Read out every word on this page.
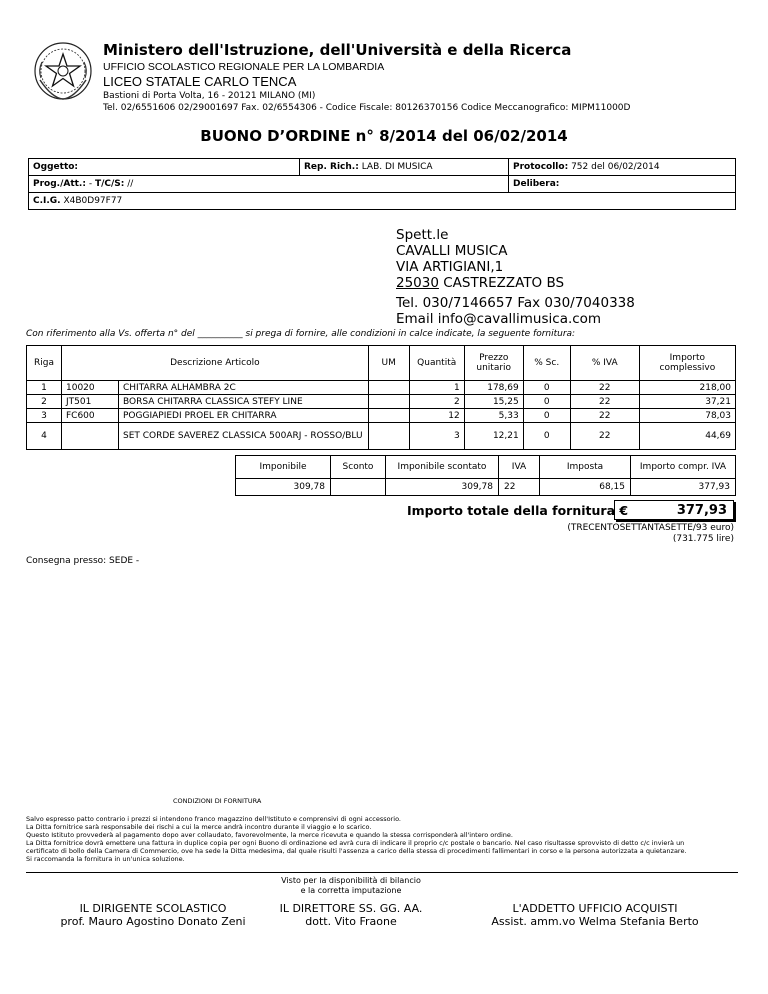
Ministero dell'Istruzione, dell'Università e della Ricerca
UFFICIO SCOLASTICO REGIONALE PER LA LOMBARDIA
LICEO STATALE CARLO TENCA
Bastioni di Porta Volta, 16 - 20121 MILANO (MI)
Tel. 02/6551606 02/29001697 Fax. 02/6554306 - Codice Fiscale: 80126370156 Codice Meccanografico: MIPM11000D
BUONO D’ORDINE n° 8/2014 del 06/02/2014
Oggetto:	Rep. Rich.: LAB. DI MUSICA	Protocollo: 752 del 06/02/2014
Prog./Att.: - T/C/S: //		Delibera:
C.I.G. X4B0D97F77		
Spett.le
CAVALLI MUSICA
VIA ARTIGIANI,1
25030 CASTREZZATO BS
Tel. 030/7146657 Fax 030/7040338
Email info@cavallimusica.com
Con riferimento alla Vs. offerta n° del __________ si prega di fornire, alle condizioni in calce indicate, la seguente fornitura:
Riga	Descrizione Articolo		UM	Quantità	Prezzo unitario	% Sc.	% IVA	Importo complessivo
1	10020	CHITARRA ALHAMBRA 2C		1	178,69	0	22	218,00
2	JT501	BORSA CHITARRA CLASSICA STEFY LINE		2	15,25	0	22	37,21
3	FC600	POGGIAPIEDI PROEL ER CHITARRA		12	5,33	0	22	78,03
4		SET CORDE SAVEREZ CLASSICA 500ARJ - ROSSO/BLU		3	12,21	0	22	44,69
Imponibile	Sconto	Imponibile scontato	IVA	Imposta	Importo compr. IVA
309,78		309,78	22	68,15	377,93
Importo totale della fornitura €	377,93
(TRECENTOSETTANTASETTE/93 euro)
(731.775 lire)
Consegna presso: SEDE -
CONDIZIONI DI FORNITURA
Salvo espresso patto contrario i prezzi si intendono franco magazzino dell'Istituto e comprensivi di ogni accessorio.
La Ditta fornitrice sarà responsabile dei rischi a cui la merce andrà incontro durante il viaggio e lo scarico.
Questo Istituto provvederà al pagamento dopo aver collaudato, favorevolmente, la merce ricevuta e quando la stessa corrisponderà all'intero ordine.
La Ditta fornitrice dovrà emettere una fattura in duplice copia per ogni Buono di ordinazione ed avrà cura di indicare il proprio c/c postale o bancario. Nel caso risultasse sprovvisto di detto c/c invierà un
certificato di bollo della Camera di Commercio, ove ha sede la Ditta medesima, dal quale risulti l'assenza a carico della stessa di procedimenti fallimentari in corso e la persona autorizzata a quietanzare.
Si raccomanda la fornitura in un'unica soluzione.
Visto per la disponibilità di bilancio
e la corretta imputazione
IL DIRIGENTE SCOLASTICO
prof. Mauro Agostino Donato Zeni
IL DIRETTORE SS. GG. AA.
dott. Vito Fraone
L'ADDETTO UFFICIO ACQUISTI
Assist. amm.vo Welma Stefania Berto
